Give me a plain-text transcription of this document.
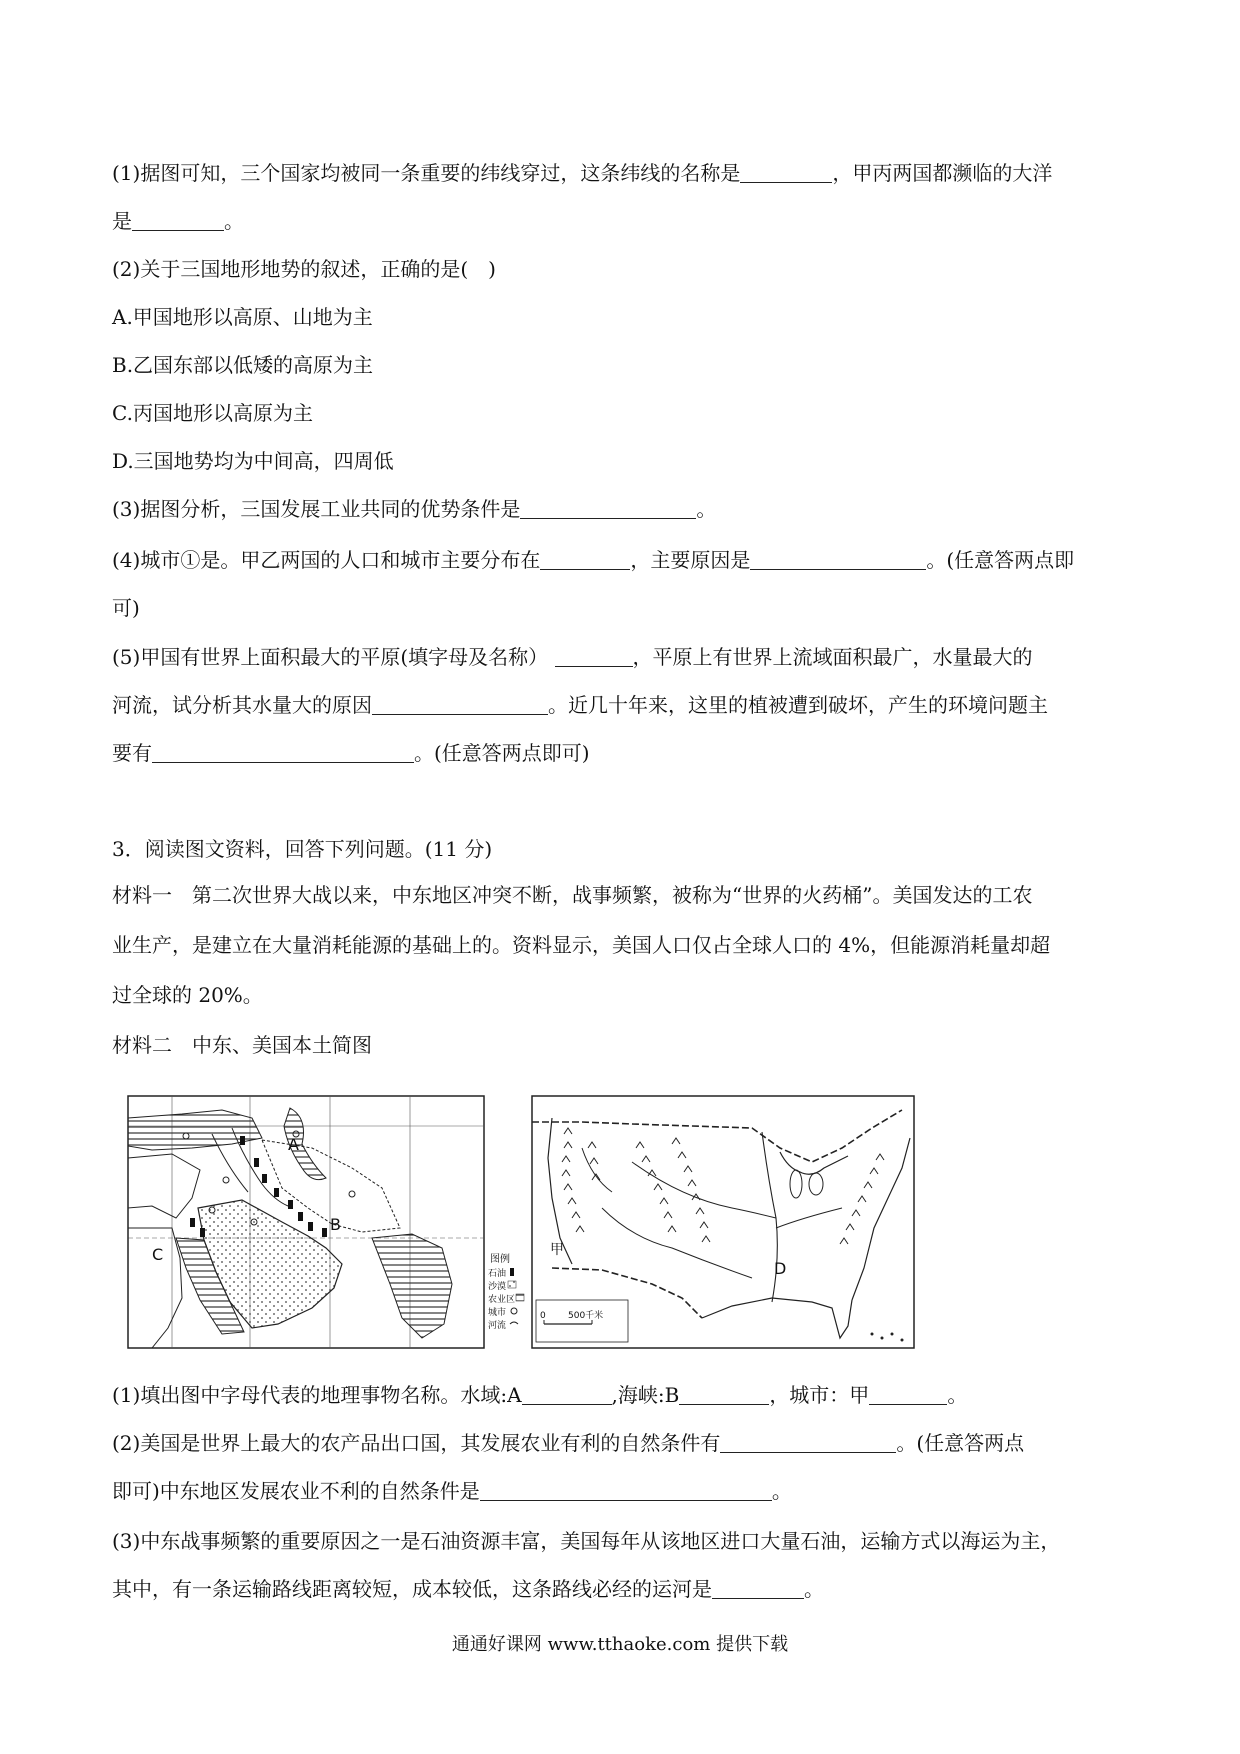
(1)据图可知，三个国家均被同一条重要的纬线穿过，这条纬线的名称是	，甲丙两国都濒临的大洋
是	。
(2)关于三国地形地势的叙述，正确的是(　)
A.甲国地形以高原、山地为主
B.乙国东部以低矮的高原为主
C.丙国地形以高原为主
D.三国地势均为中间高，四周低
(3)据图分析，三国发展工业共同的优势条件是	。
(4)城市①是。甲乙两国的人口和城市主要分布在	，主要原因是	。(任意答两点即
可)
(5)甲国有世界上面积最大的平原(填字母及名称）	，平原上有世界上流域面积最广，水量最大的
河流，试分析其水量大的原因	。近几十年来，这里的植被遭到破坏，产生的环境问题主
要有	。(任意答两点即可)
3．阅读图文资料，回答下列问题。(11 分)
材料一　第二次世界大战以来，中东地区冲突不断，战事频繁，被称为“世界的火药桶”。美国发达的工农
业生产，是建立在大量消耗能源的基础上的。资料显示，美国人口仅占全球人口的 4%，但能源消耗量却超
过全球的 20%。
材料二　中东、美国本土简图
A
B
C	图例
石油
沙漠
农业区
城市
河流
D
甲
0 500千米
(1)填出图中字母代表的地理事物名称。水域:A	,海峡:B	，城市：甲	。
(2)美国是世界上最大的农产品出口国，其发展农业有利的自然条件有	。(任意答两点
即可)中东地区发展农业不利的自然条件是	。
(3)中东战事频繁的重要原因之一是石油资源丰富，美国每年从该地区进口大量石油，运输方式以海运为主，
其中，有一条运输路线距离较短，成本较低，这条路线必经的运河是	。
通通好课网 www.tthaoke.com 提供下载
